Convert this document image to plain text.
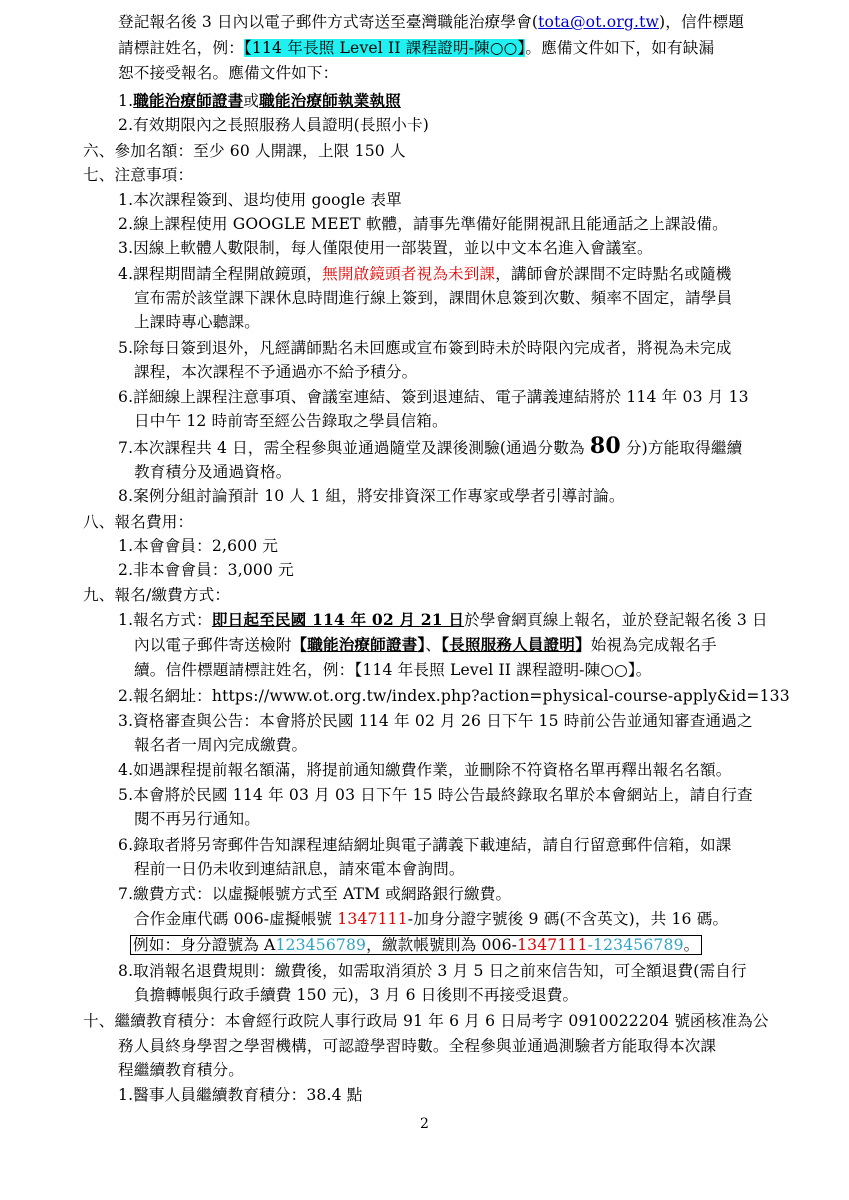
登記報名後 3 日內以電子郵件方式寄送至臺灣職能治療學會(tota@ot.org.tw)，信件標題
請標註姓名，例：【114 年長照 Level II 課程證明-陳○○】。應備文件如下，如有缺漏
恕不接受報名。應備文件如下：
1.職能治療師證書或職能治療師執業執照
2.有效期限內之長照服務人員證明(長照小卡)
六、參加名額：至少 60 人開課，上限 150 人
七、注意事項：
1.本次課程簽到、退均使用 google 表單
2.線上課程使用 GOOGLE MEET 軟體，請事先準備好能開視訊且能通話之上課設備。
3.因線上軟體人數限制，每人僅限使用一部裝置，並以中文本名進入會議室。
4.課程期間請全程開啟鏡頭，無開啟鏡頭者視為未到課，講師會於課間不定時點名或隨機
宣布需於該堂課下課休息時間進行線上簽到，課間休息簽到次數、頻率不固定，請學員
上課時專心聽課。
5.除每日簽到退外，凡經講師點名未回應或宣布簽到時未於時限內完成者，將視為未完成
課程，本次課程不予通過亦不給予積分。
6.詳細線上課程注意事項、會議室連結、簽到退連結、電子講義連結將於 114 年 03 月 13
日中午 12 時前寄至經公告錄取之學員信箱。
7.本次課程共 4 日，需全程參與並通過隨堂及課後測驗(通過分數為 80 分)方能取得繼續
教育積分及通過資格。
8.案例分組討論預計 10 人 1 組，將安排資深工作專家或學者引導討論。
八、報名費用：
1.本會會員：2,600 元
2.非本會會員：3,000 元
九、報名/繳費方式：
1.報名方式：即日起至民國 114 年 02 月 21 日於學會網頁線上報名，並於登記報名後 3 日
內以電子郵件寄送檢附【職能治療師證書】、【長照服務人員證明】始視為完成報名手
續。信件標題請標註姓名，例：【114 年長照 Level II 課程證明-陳○○】。
2.報名網址：https://www.ot.org.tw/index.php?action=physical-course-apply&id=133
3.資格審查與公告：本會將於民國 114 年 02 月 26 日下午 15 時前公告並通知審查通過之
報名者一周內完成繳費。
4.如遇課程提前報名額滿，將提前通知繳費作業，並刪除不符資格名單再釋出報名名額。
5.本會將於民國 114 年 03 月 03 日下午 15 時公告最終錄取名單於本會網站上，請自行查
閱不再另行通知。
6.錄取者將另寄郵件告知課程連結網址與電子講義下載連結，請自行留意郵件信箱，如課
程前一日仍未收到連結訊息，請來電本會詢問。
7.繳費方式：以虛擬帳號方式至 ATM 或網路銀行繳費。
合作金庫代碼 006-虛擬帳號 1347111-加身分證字號後 9 碼(不含英文)，共 16 碼。
例如：身分證號為 A123456789，繳款帳號則為 006-1347111-123456789。
8.取消報名退費規則：繳費後，如需取消須於 3 月 5 日之前來信告知，可全額退費(需自行
負擔轉帳與行政手續費 150 元)，3 月 6 日後則不再接受退費。
十、繼續教育積分：本會經行政院人事行政局 91 年 6 月 6 日局考字 0910022204 號函核准為公
務人員終身學習之學習機構，可認證學習時數。全程參與並通過測驗者方能取得本次課
程繼續教育積分。
1.醫事人員繼續教育積分：38.4 點
2
